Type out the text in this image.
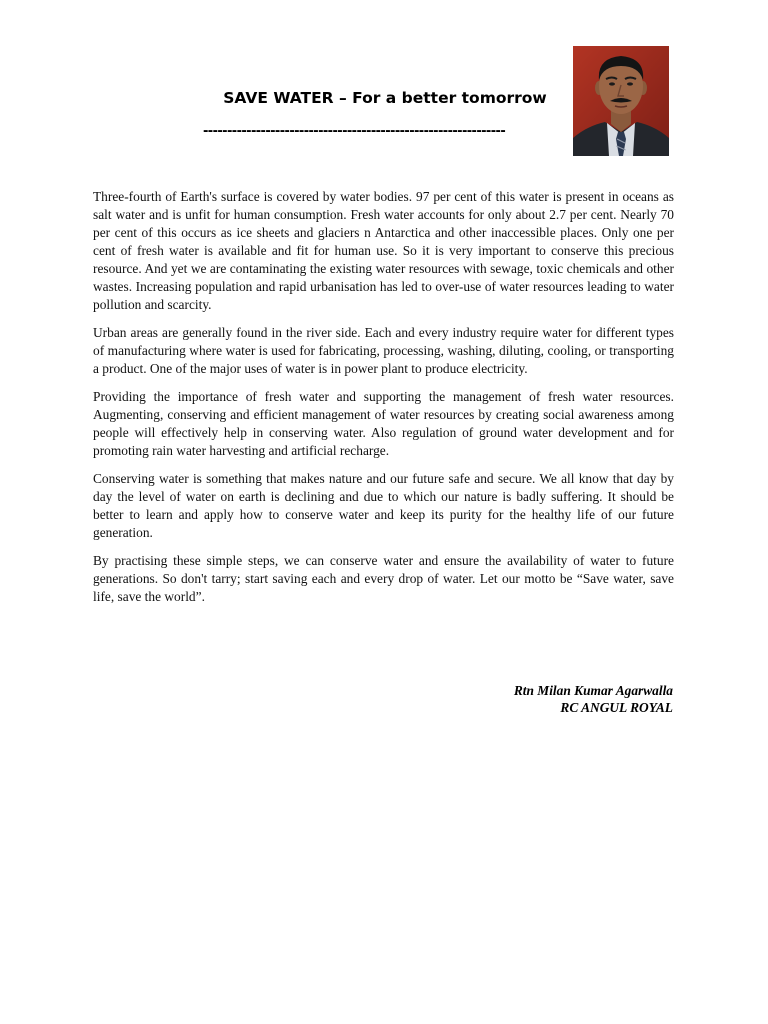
SAVE WATER – For a better tomorrow
---------------------------------------------------------------

Three-fourth of Earth's surface is covered by water bodies. 97 per cent of this water is present in oceans as salt water and is unfit for human consumption. Fresh water accounts for only about 2.7 per cent. Nearly 70 per cent of this occurs as ice sheets and glaciers n Antarctica and other inaccessible places. Only one per cent of fresh water is available and fit for human use. So it is very important to conserve this precious resource. And yet we are contaminating the existing water resources with sewage, toxic chemicals and other wastes. Increasing population and rapid urbanisation has led to over-use of water resources leading to water pollution and scarcity.

Urban areas are generally found in the river side. Each and every industry require water for different types of manufacturing where water is used for fabricating, processing, washing, diluting, cooling, or transporting a product. One of the major uses of water is in power plant to produce electricity.

Providing the importance of fresh water and supporting the management of fresh water resources. Augmenting, conserving and efficient management of water resources by creating social awareness among people will effectively help in conserving water. Also regulation of ground water development and for promoting rain water harvesting and artificial recharge.

Conserving water is something that makes nature and our future safe and secure. We all know that day by day the level of water on earth is declining and due to which our nature is badly suffering. It should be better to learn and apply how to conserve water and keep its purity for the healthy life of our future generation.

By practising these simple steps, we can conserve water and ensure the availability of water to future generations. So don't tarry; start saving each and every drop of water. Let our motto be “Save water, save life, save the world”.

Rtn Milan Kumar Agarwalla
RC ANGUL ROYAL
